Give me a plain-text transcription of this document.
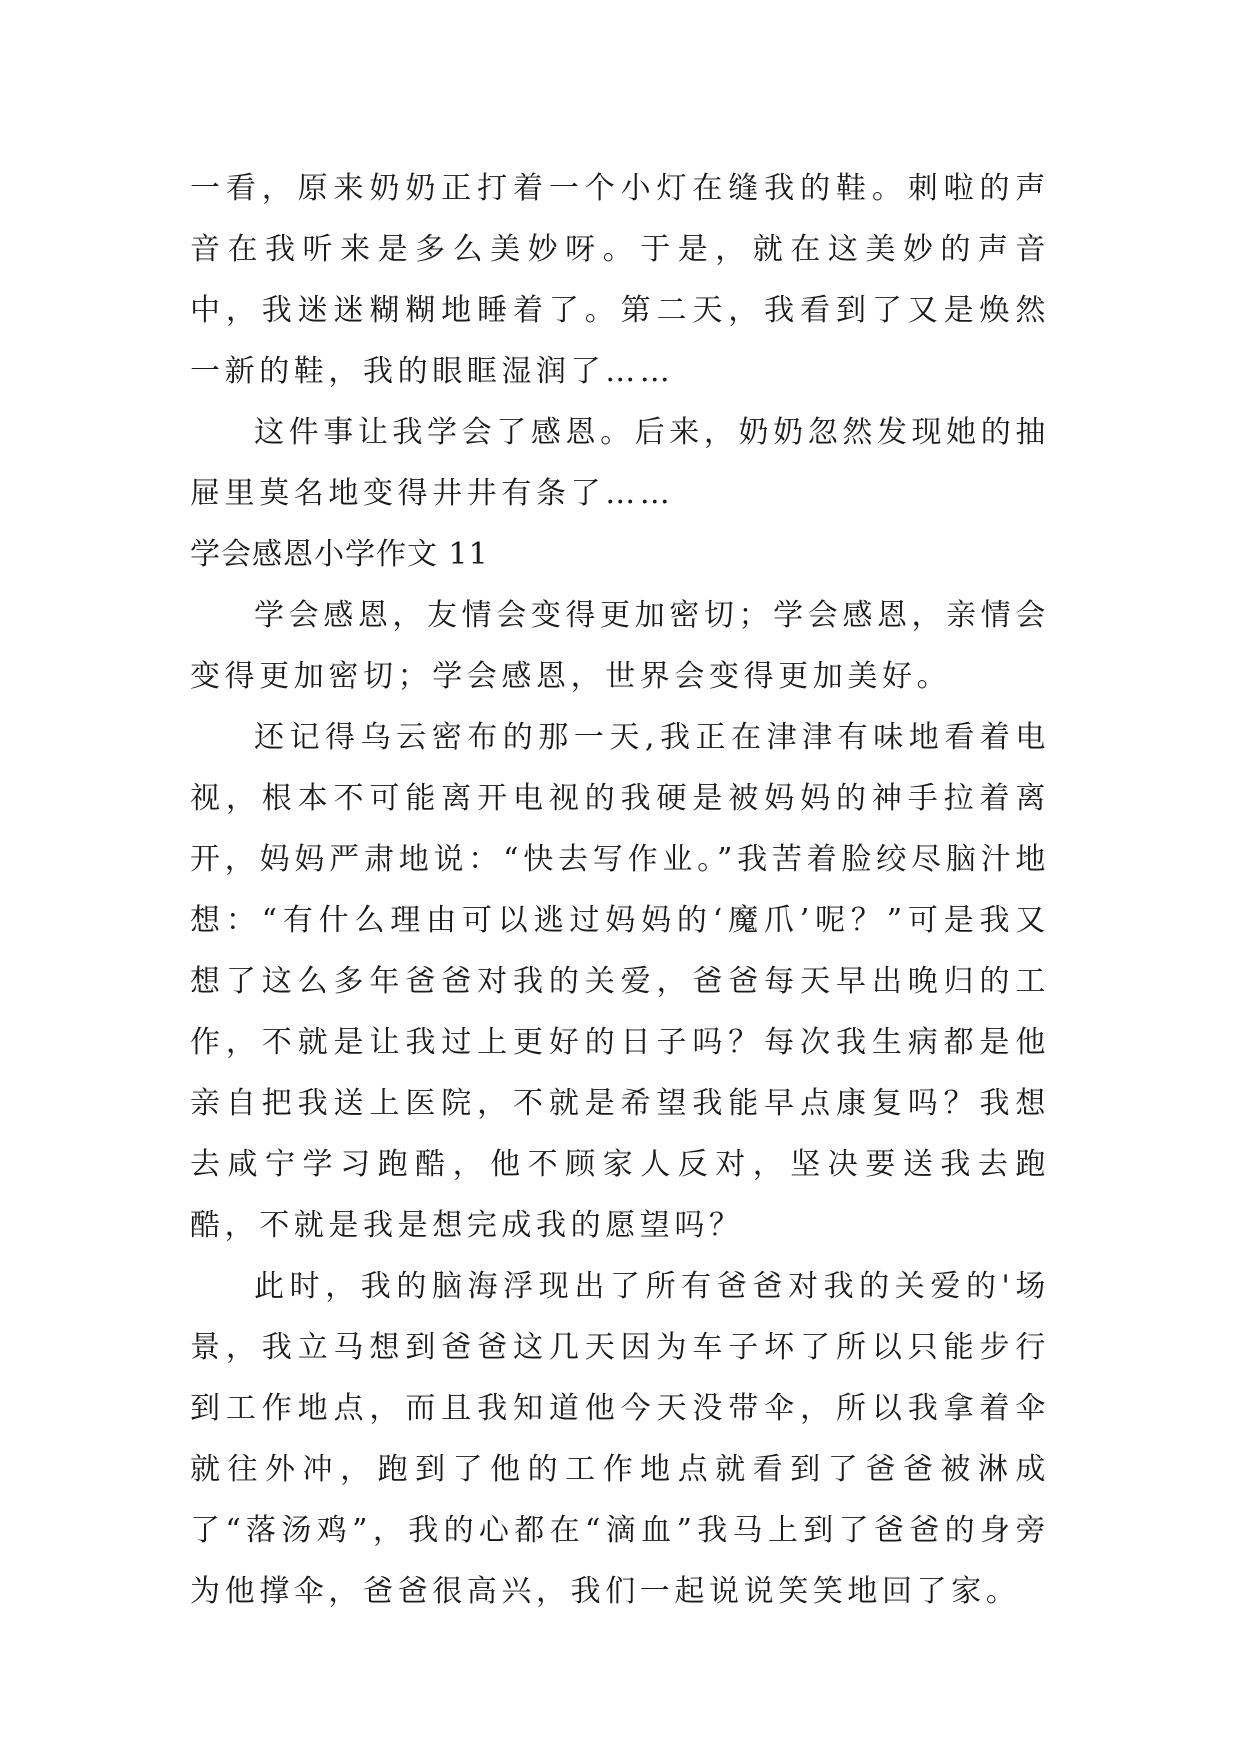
一看，原来奶奶正打着一个小灯在缝我的鞋。刺啦的声音在我听来是多么美妙呀。于是，就在这美妙的声音中，我迷迷糊糊地睡着了。第二天，我看到了又是焕然一新的鞋，我的眼眶湿润了……

这件事让我学会了感恩。后来，奶奶忽然发现她的抽屉里莫名地变得井井有条了……

学会感恩小学作文 11

学会感恩，友情会变得更加密切；学会感恩，亲情会变得更加密切；学会感恩，世界会变得更加美好。

还记得乌云密布的那一天,我正在津津有味地看着电视，根本不可能离开电视的我硬是被妈妈的神手拉着离开，妈妈严肃地说：“快去写作业。”我苦着脸绞尽脑汁地想：“有什么理由可以逃过妈妈的‘魔爪’呢？”可是我又想了这么多年爸爸对我的关爱，爸爸每天早出晚归的工作，不就是让我过上更好的日子吗？每次我生病都是他亲自把我送上医院，不就是希望我能早点康复吗？我想去咸宁学习跑酷，他不顾家人反对，坚决要送我去跑酷，不就是我是想完成我的愿望吗？

此时，我的脑海浮现出了所有爸爸对我的关爱的'场景，我立马想到爸爸这几天因为车子坏了所以只能步行到工作地点，而且我知道他今天没带伞，所以我拿着伞就往外冲，跑到了他的工作地点就看到了爸爸被淋成了“落汤鸡”，我的心都在“滴血”我马上到了爸爸的身旁为他撑伞，爸爸很高兴，我们一起说说笑笑地回了家。
